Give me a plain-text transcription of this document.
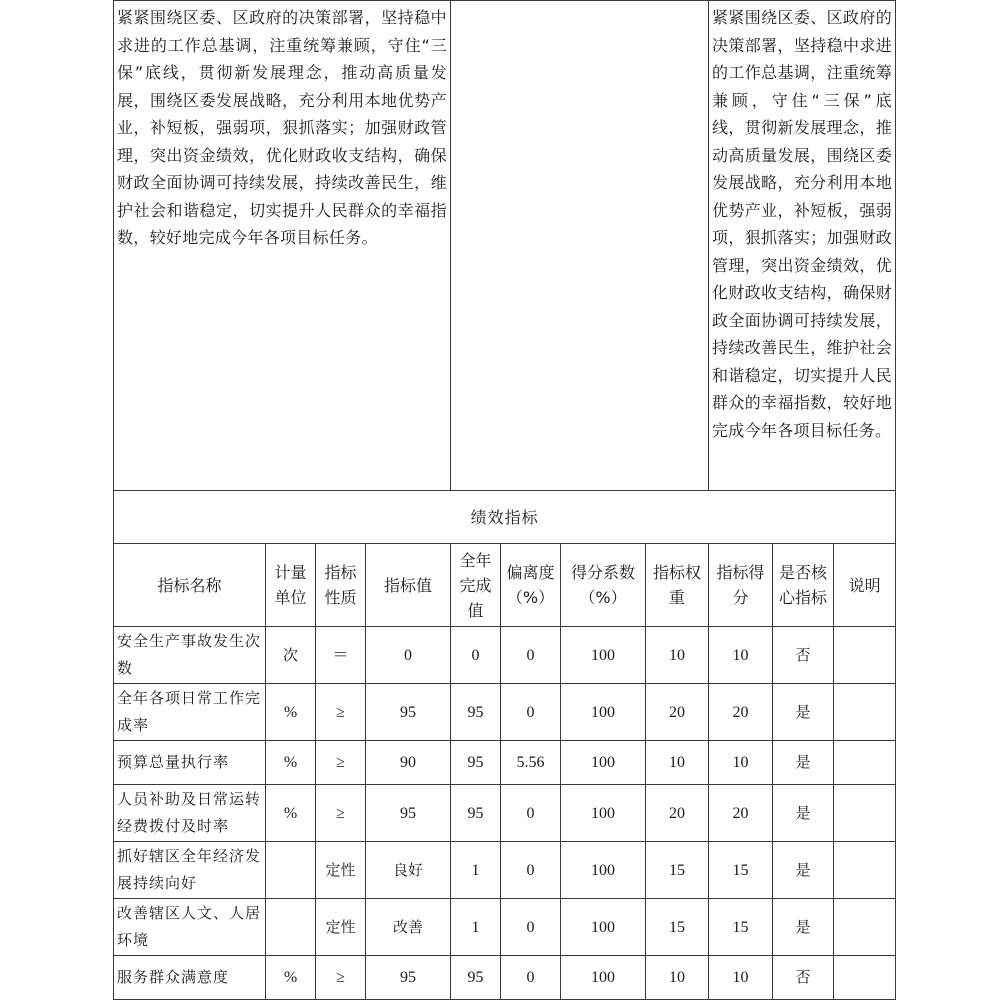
紧紧围绕区委、区政府的决策部署，坚持稳中求进的工作总基调，注重统筹兼顾，守住“三保”底线，贯彻新发展理念，推动高质量发展，围绕区委发展战略，充分利用本地优势产业，补短板，强弱项，狠抓落实；加强财政管理，突出资金绩效，优化财政收支结构，确保财政全面协调可持续发展，持续改善民生，维护社会和谐稳定，切实提升人民群众的幸福指数，较好地完成今年各项目标任务。		紧紧围绕区委、区政府的决策部署，坚持稳中求进的工作总基调，注重统筹兼顾，守住“三保”底线，贯彻新发展理念，推动高质量发展，围绕区委发展战略，充分利用本地优势产业，补短板，强弱项，狠抓落实；加强财政管理，突出资金绩效，优化财政收支结构，确保财政全面协调可持续发展，持续改善民生，维护社会和谐稳定，切实提升人民群众的幸福指数，较好地完成今年各项目标任务。
绩效指标										
指标名称	计量单位	指标性质	指标值	全年完成值	偏离度（%）	得分系数（%）	指标权重	指标得分	是否核心指标	说明
安全生产事故发生次数	次	＝	0	0	0	100	10	10	否	
全年各项日常工作完成率	%	≥	95	95	0	100	20	20	是	
预算总量执行率	%	≥	90	95	5.56	100	10	10	是	
人员补助及日常运转经费拨付及时率	%	≥	95	95	0	100	20	20	是	
抓好辖区全年经济发展持续向好		定性	良好	1	0	100	15	15	是	
改善辖区人文、人居环境		定性	改善	1	0	100	15	15	是	
服务群众满意度	%	≥	95	95	0	100	10	10	否	
